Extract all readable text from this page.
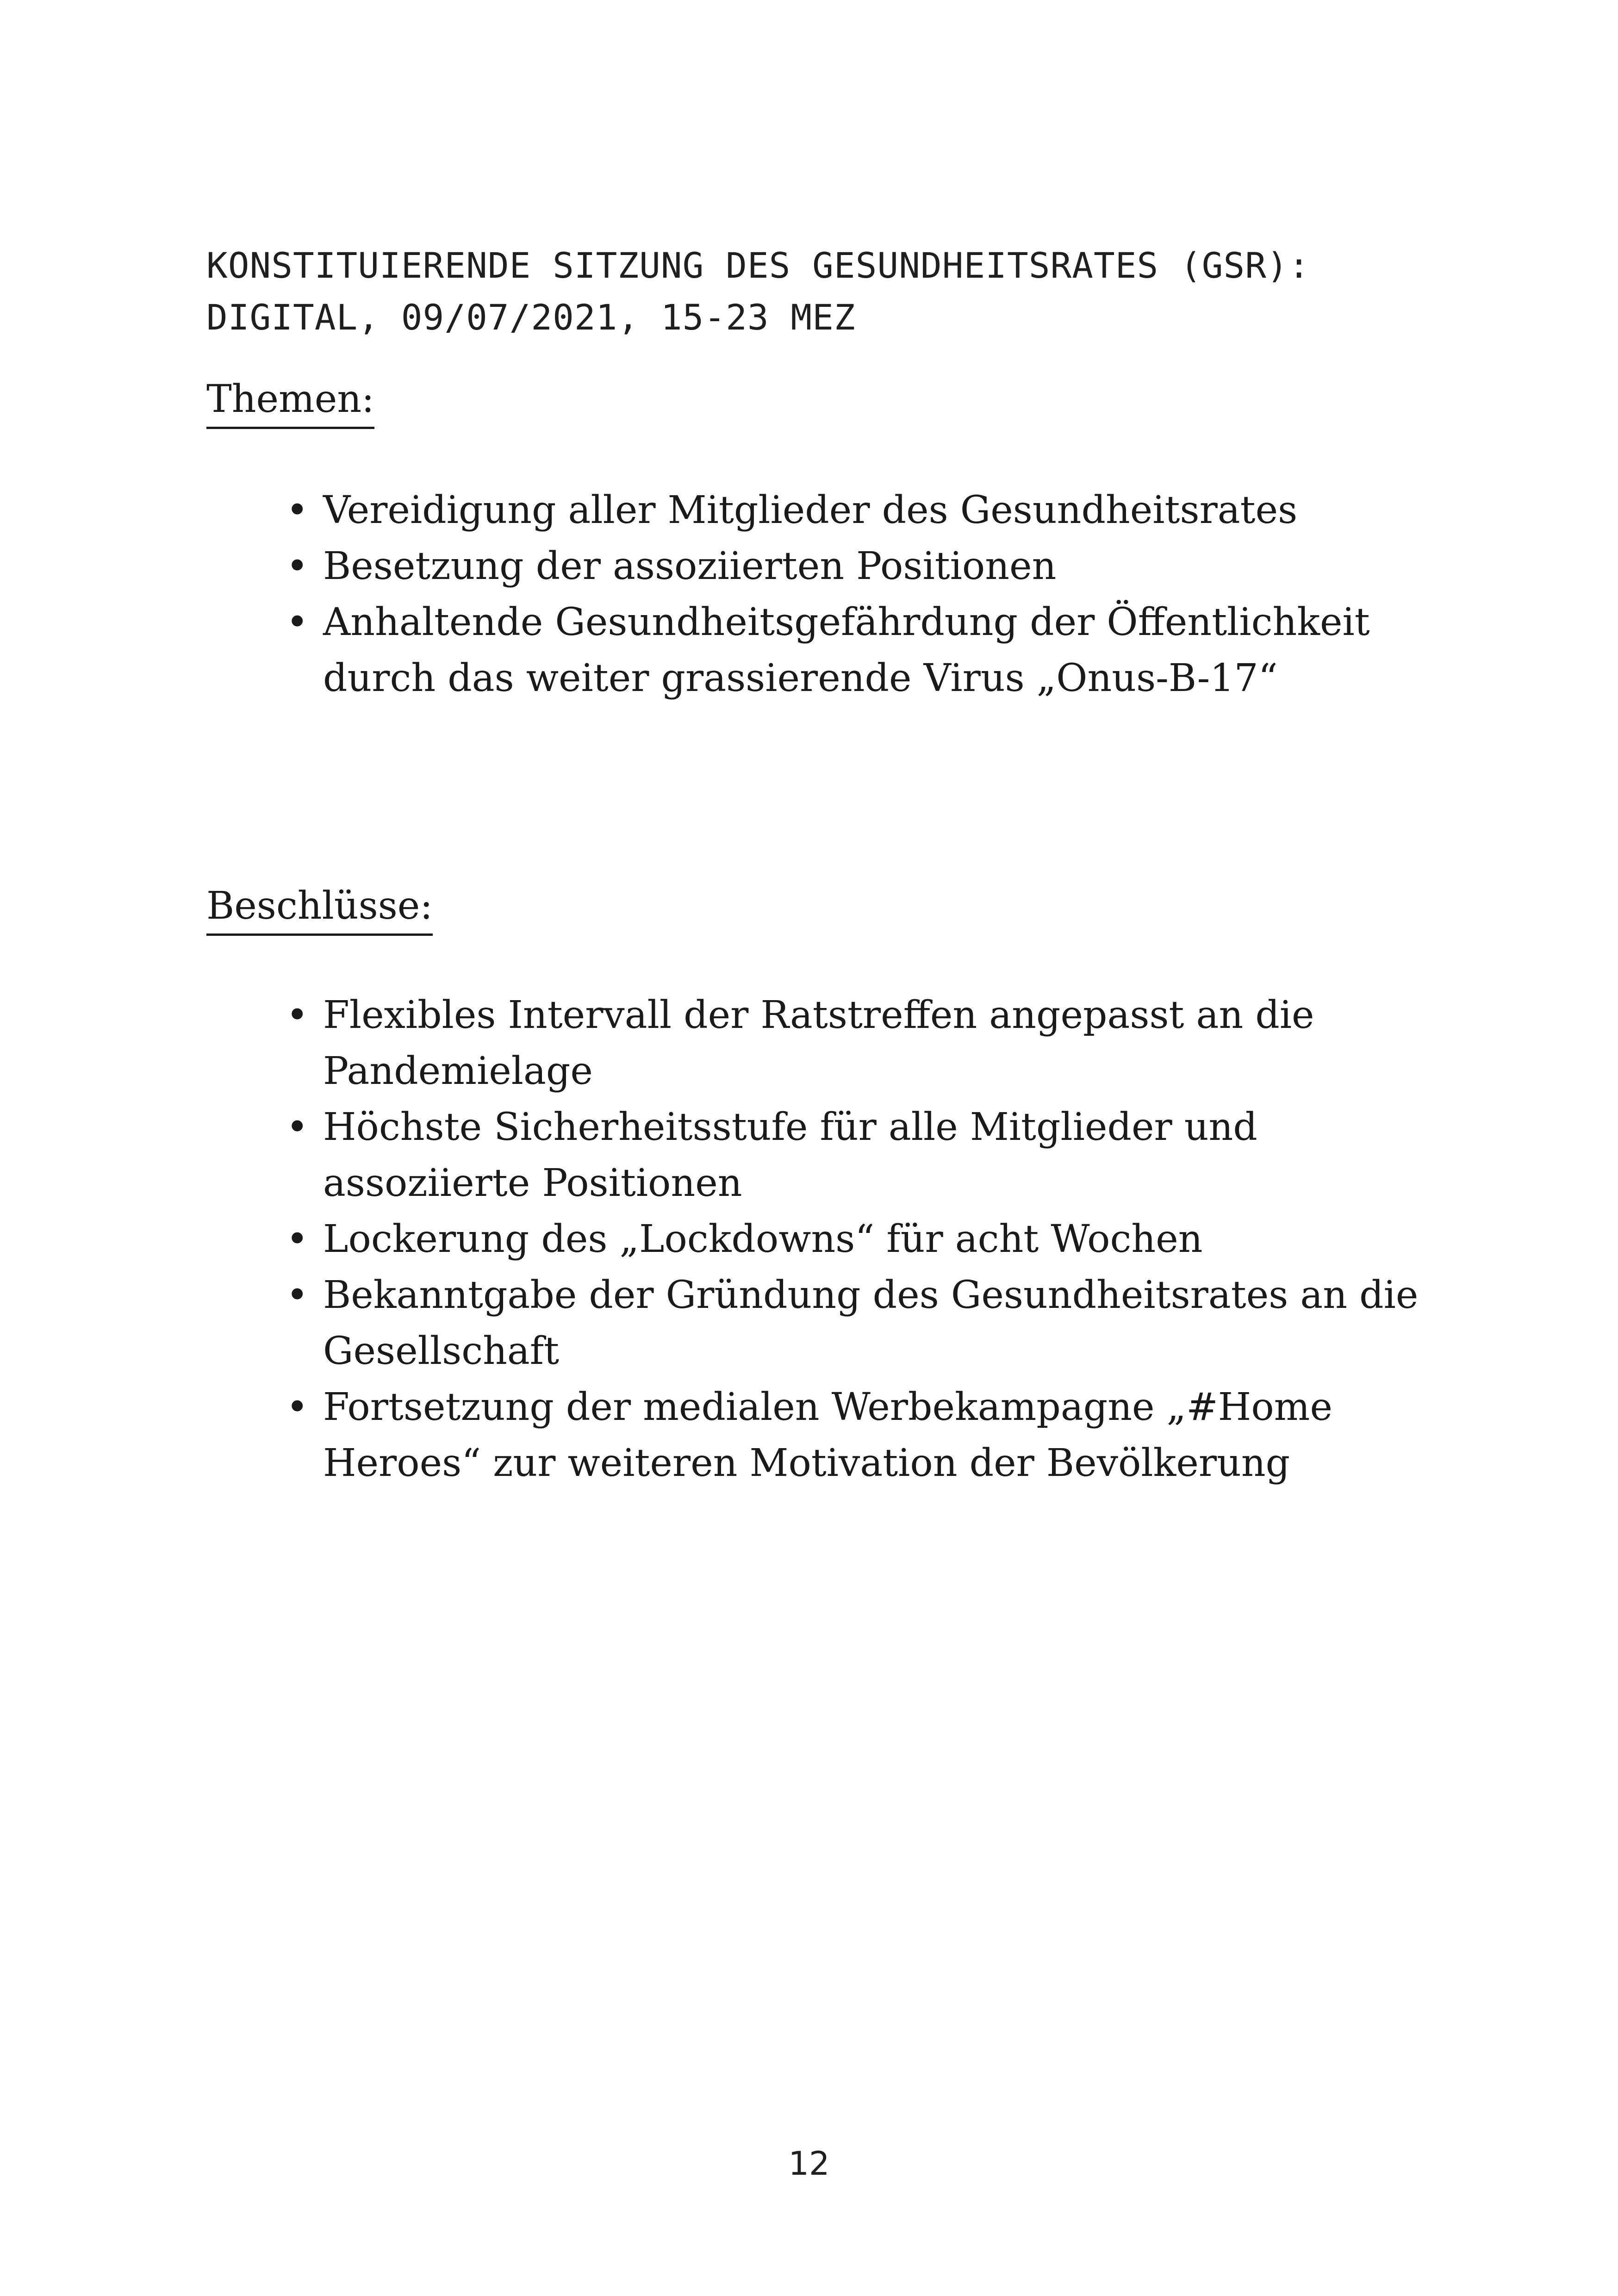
KONSTITUIERENDE SITZUNG DES GESUNDHEITSRATES (GSR):
DIGITAL, 09/07/2021, 15-23 MEZ
Themen:
• Vereidigung aller Mitglieder des Gesundheitsrates
• Besetzung der assoziierten Positionen
• Anhaltende Gesundheitsgefährdung der Öffentlichkeit durch das weiter grassierende Virus „Onus-B-17“
Beschlüsse:
• Flexibles Intervall der Ratstreffen angepasst an die Pandemielage
• Höchste Sicherheitsstufe für alle Mitglieder und assoziierte Positionen
• Lockerung des „Lockdowns“ für acht Wochen
• Bekanntgabe der Gründung des Gesundheitsrates an die Gesellschaft
• Fortsetzung der medialen Werbekampagne „#Home Heroes“ zur weiteren Motivation der Bevölkerung
12
